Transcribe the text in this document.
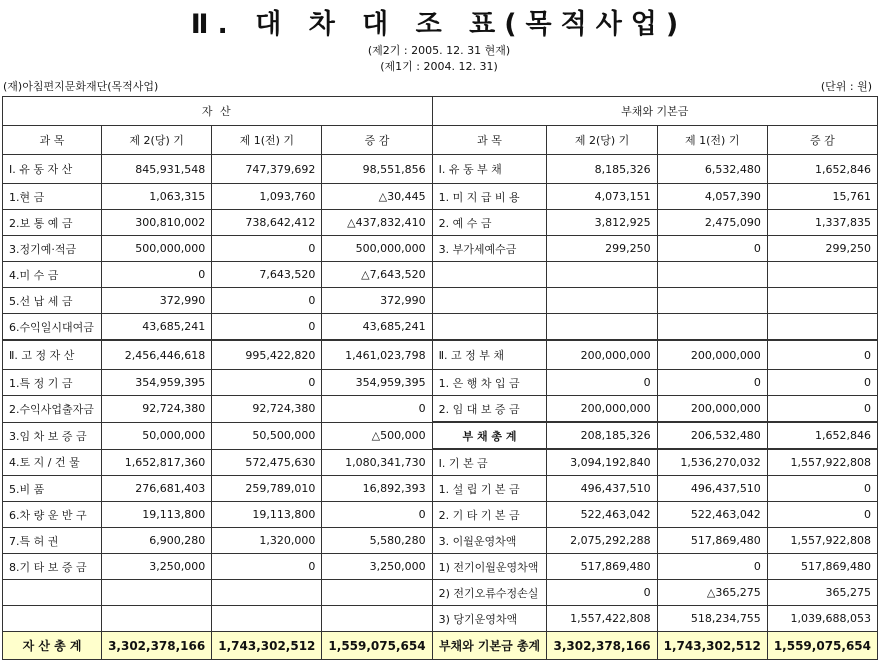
Ⅱ. 대 차 대 조 표(목적사업)
(제2기 : 2005. 12. 31 현재)
(제1기 : 2004. 12. 31)
(재)아침편지문화재단(목적사업)	(단위 : 원)
자 산				부채와 기본금			
과 목	제 2(당) 기	제 1(전) 기	증 감	과 목	제 2(당) 기	제 1(전) 기	증 감
Ⅰ. 유 동 자 산	845,931,548	747,379,692	98,551,856	Ⅰ. 유 동 부 채	8,185,326	6,532,480	1,652,846
1.현 금	1,063,315	1,093,760	△30,445	1. 미 지 급 비 용	4,073,151	4,057,390	15,761
2.보 통 예 금	300,810,002	738,642,412	△437,832,410	2. 예 수 금	3,812,925	2,475,090	1,337,835
3.정기예·적금	500,000,000	0	500,000,000	3. 부가세예수금	299,250	0	299,250
4.미 수 금	0	7,643,520	△7,643,520				
5.선 납 세 금	372,990	0	372,990				
6.수익일시대여금	43,685,241	0	43,685,241				
Ⅱ. 고 정 자 산	2,456,446,618	995,422,820	1,461,023,798	Ⅱ. 고 정 부 채	200,000,000	200,000,000	0
1.특 정 기 금	354,959,395	0	354,959,395	1. 은 행 차 입 금	0	0	0
2.수익사업출자금	92,724,380	92,724,380	0	2. 임 대 보 증 금	200,000,000	200,000,000	0
3.임 차 보 증 금	50,000,000	50,500,000	△500,000	부 채 총 계	208,185,326	206,532,480	1,652,846
4.토 지 / 건 물	1,652,817,360	572,475,630	1,080,341,730	Ⅰ. 기 본 금	3,094,192,840	1,536,270,032	1,557,922,808
5.비 품	276,681,403	259,789,010	16,892,393	1. 설 립 기 본 금	496,437,510	496,437,510	0
6.차 량 운 반 구	19,113,800	19,113,800	0	2. 기 타 기 본 금	522,463,042	522,463,042	0
7.특 허 권	6,900,280	1,320,000	5,580,280	3. 이월운영차액	2,075,292,288	517,869,480	1,557,922,808
8.기 타 보 증 금	3,250,000	0	3,250,000	1) 전기이월운영차액	517,869,480	0	517,869,480
				2) 전기오류수정손실	0	△365,275	365,275
				3) 당기운영차액	1,557,422,808	518,234,755	1,039,688,053
자 산 총 계	3,302,378,166	1,743,302,512	1,559,075,654	부채와 기본금 총계	3,302,378,166	1,743,302,512	1,559,075,654
